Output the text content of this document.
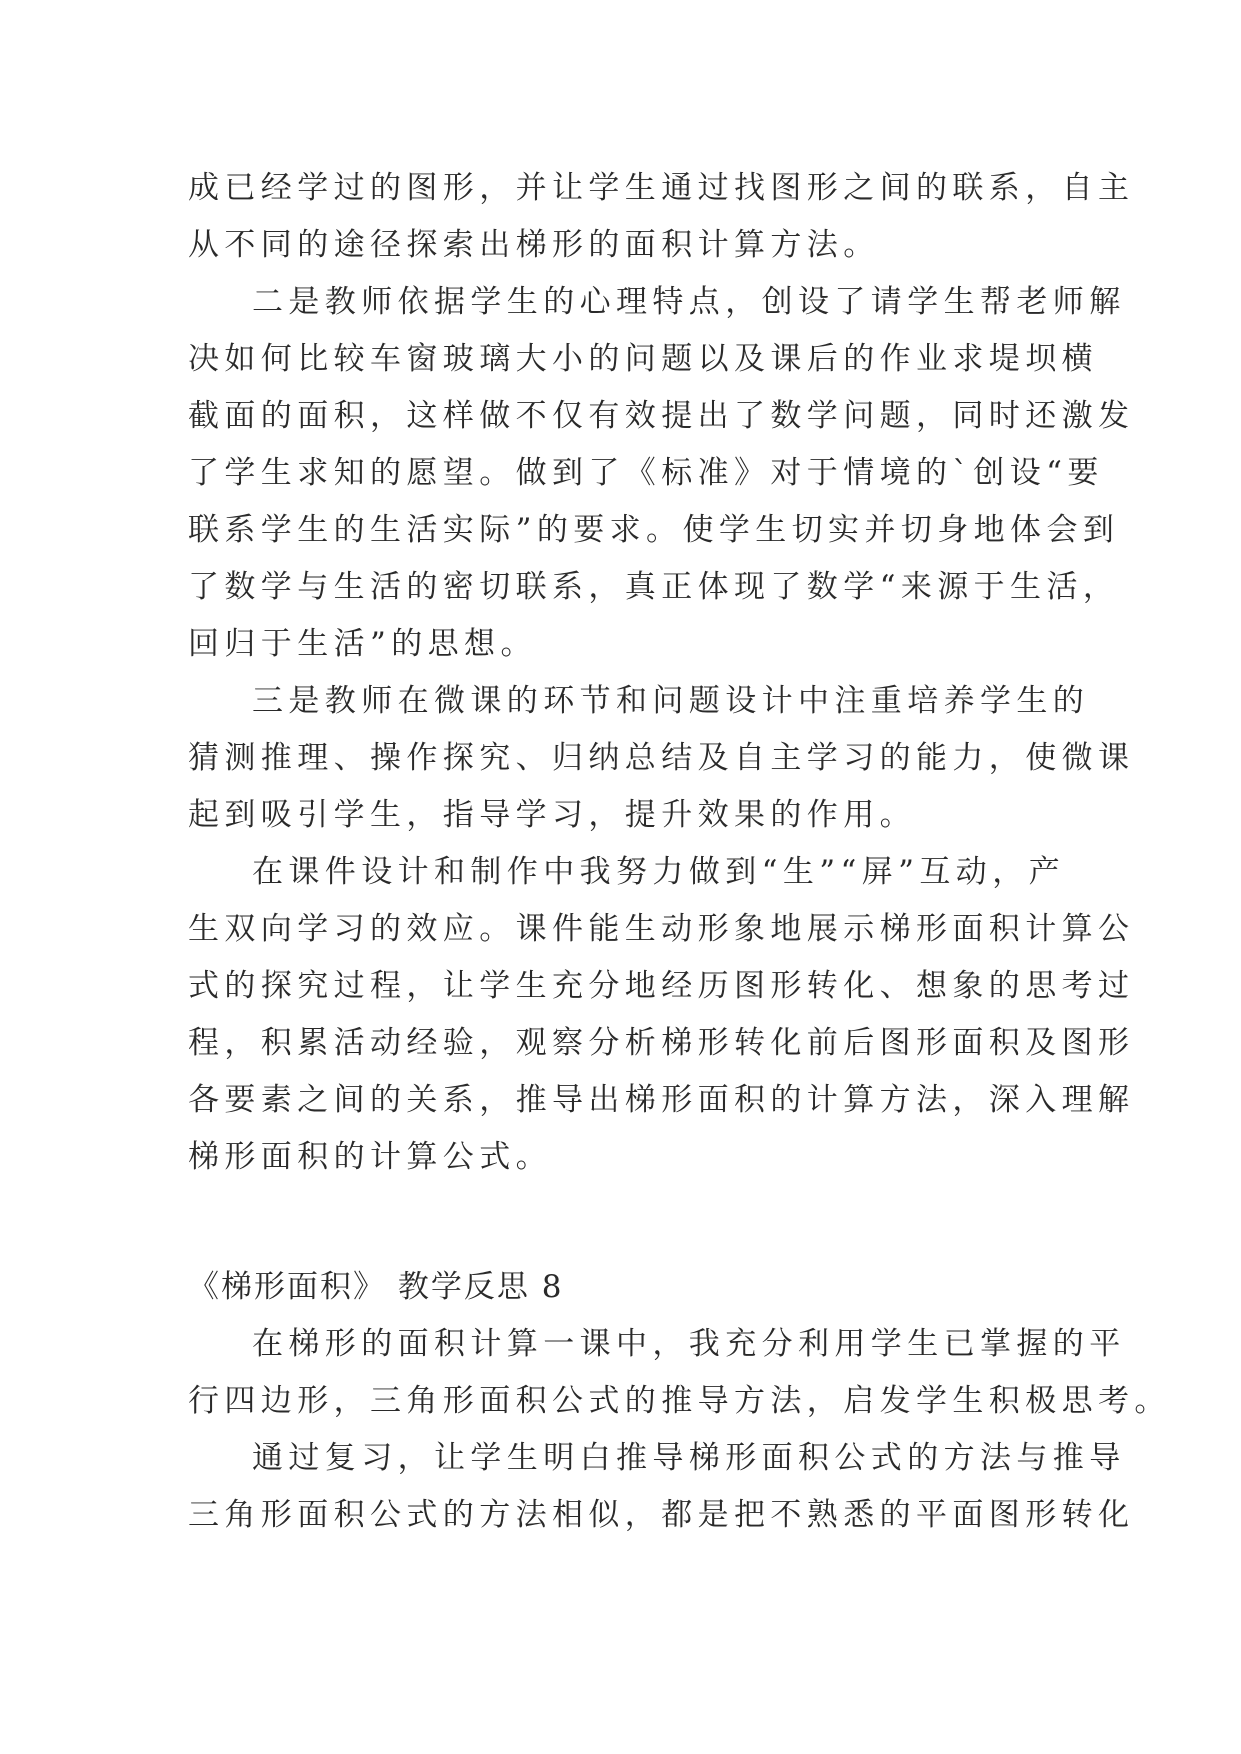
成已经学过的图形，并让学生通过找图形之间的联系，自主
从不同的途径探索出梯形的面积计算方法。
二是教师依据学生的心理特点，创设了请学生帮老师解
决如何比较车窗玻璃大小的问题以及课后的作业求堤坝横
截面的面积，这样做不仅有效提出了数学问题，同时还激发
了学生求知的愿望。做到了《标准》对于情境的`创设“要
联系学生的生活实际”的要求。使学生切实并切身地体会到
了数学与生活的密切联系，真正体现了数学“来源于生活，
回归于生活”的思想。
三是教师在微课的环节和问题设计中注重培养学生的
猜测推理、操作探究、归纳总结及自主学习的能力，使微课
起到吸引学生，指导学习，提升效果的作用。
在课件设计和制作中我努力做到“生”“屏”互动，产
生双向学习的效应。课件能生动形象地展示梯形面积计算公
式的探究过程，让学生充分地经历图形转化、想象的思考过
程，积累活动经验，观察分析梯形转化前后图形面积及图形
各要素之间的关系，推导出梯形面积的计算方法，深入理解
梯形面积的计算公式。
《梯形面积》 教学反思 8
在梯形的面积计算一课中，我充分利用学生已掌握的平
行四边形，三角形面积公式的推导方法，启发学生积极思考。
通过复习，让学生明白推导梯形面积公式的方法与推导
三角形面积公式的方法相似，都是把不熟悉的平面图形转化
